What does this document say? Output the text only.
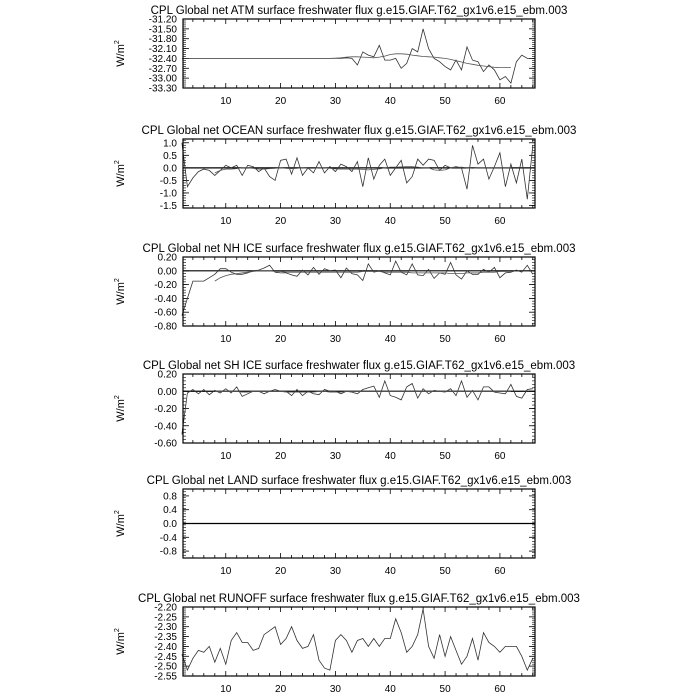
CPL Global net ATM surface freshwater flux g.e15.GIAF.T62_gx1v6.e15_ebm.003
$W/m^2$
10	20	30	40	50	60
-31.20
-31.50
-31.80
-32.10
-32.40
-32.70
-33.00
-33.30
CPL Global net OCEAN surface freshwater flux g.e15.GIAF.T62_gx1v6.e15_ebm.003
$W/m^2$
10	20	30	40	50	60
1.0
0.5
0.0
-0.5
-1.0
-1.5
CPL Global net NH ICE surface freshwater flux g.e15.GIAF.T62_gx1v6.e15_ebm.003
$W/m^2$
10	20	30	40	50	60
0.20
0.00
-0.20
-0.40
-0.60
-0.80
CPL Global net SH ICE surface freshwater flux g.e15.GIAF.T62_gx1v6.e15_ebm.003
$W/m^2$
10	20	30	40	50	60
0.20
0.00
-0.20
-0.40
-0.60
CPL Global net LAND surface freshwater flux g.e15.GIAF.T62_gx1v6.e15_ebm.003
$W/m^2$
10	20	30	40	50	60
0.8
0.4
0.0
-0.4
-0.8
CPL Global net RUNOFF surface freshwater flux g.e15.GIAF.T62_gx1v6.e15_ebm.003
$W/m^2$
10	20	30	40	50	60
-2.20
-2.25
-2.30
-2.35
-2.40
-2.45
-2.50
-2.55
